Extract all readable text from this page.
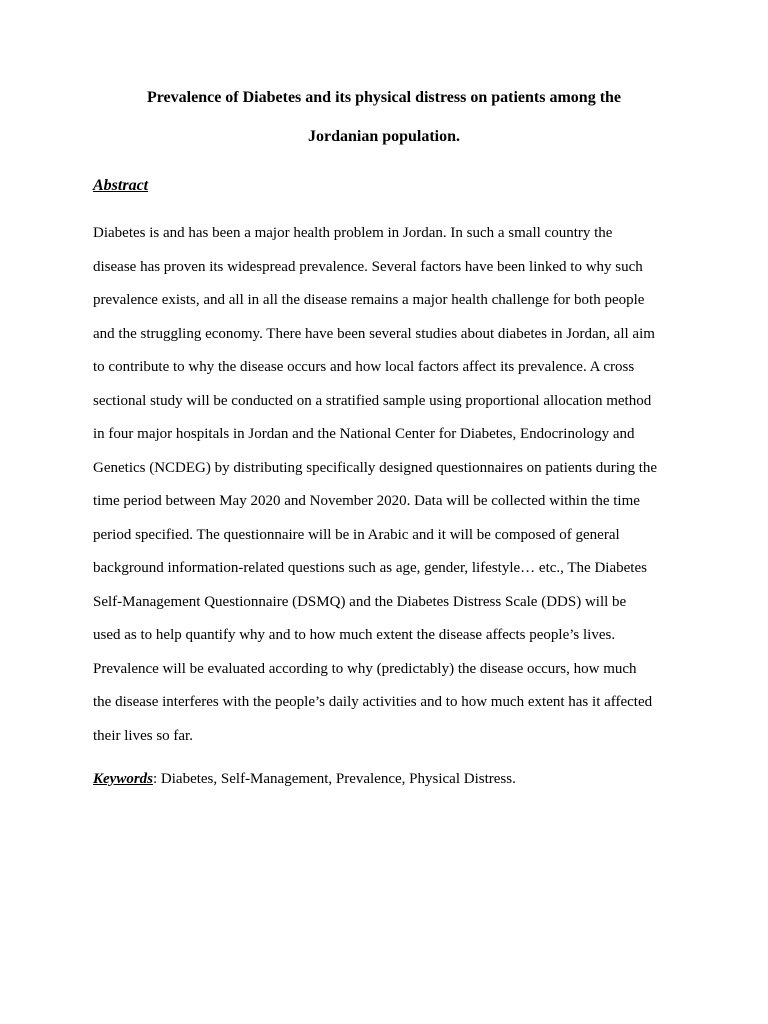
Prevalence of Diabetes and its physical distress on patients among the
Jordanian population.
Abstract

Diabetes is and has been a major health problem in Jordan. In such a small country the
disease has proven its widespread prevalence. Several factors have been linked to why such
prevalence exists, and all in all the disease remains a major health challenge for both people
and the struggling economy. There have been several studies about diabetes in Jordan, all aim
to contribute to why the disease occurs and how local factors affect its prevalence. A cross
sectional study will be conducted on a stratified sample using proportional allocation method
in four major hospitals in Jordan and the National Center for Diabetes, Endocrinology and
Genetics (NCDEG) by distributing specifically designed questionnaires on patients during the
time period between May 2020 and November 2020. Data will be collected within the time
period specified. The questionnaire will be in Arabic and it will be composed of general
background information-related questions such as age, gender, lifestyle… etc., The Diabetes
Self-Management Questionnaire (DSMQ) and the Diabetes Distress Scale (DDS) will be
used as to help quantify why and to how much extent the disease affects people’s lives.
Prevalence will be evaluated according to why (predictably) the disease occurs, how much
the disease interferes with the people’s daily activities and to how much extent has it affected
their lives so far.

Keywords: Diabetes, Self-Management, Prevalence, Physical Distress.
